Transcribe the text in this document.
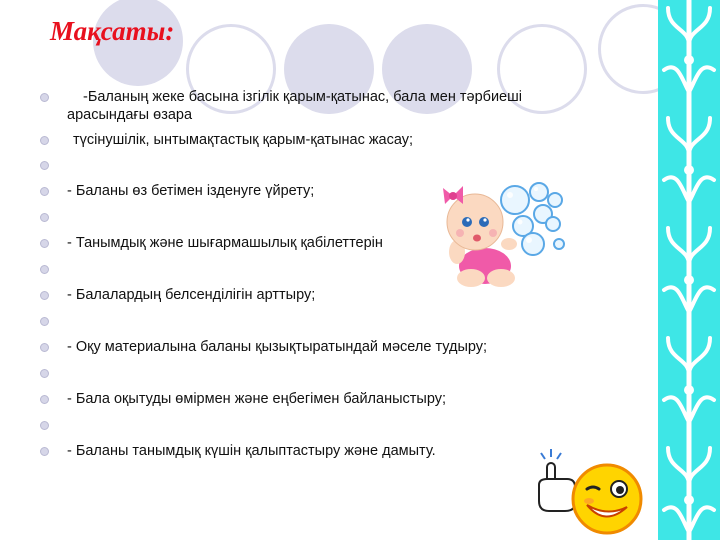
Мақсаты:
-Баланың жеке басына ізгілік қарым-қатынас, бала мен тәрбиеші
арасындағы өзара
түсінушілік, ынтымақтастық қарым-қатынас жасау;
- Баланы өз бетімен ізденуге үйрету;
- Танымдық және шығармашылық қабілеттерін
- Балалардың белсенділігін арттыру;
- Оқу материалына баланы қызықтыратындай мәселе тудыру;
- Бала оқытуды өмірмен және еңбегімен байланыстыру;
- Баланы танымдық күшін қалыптастыру және дамыту.
